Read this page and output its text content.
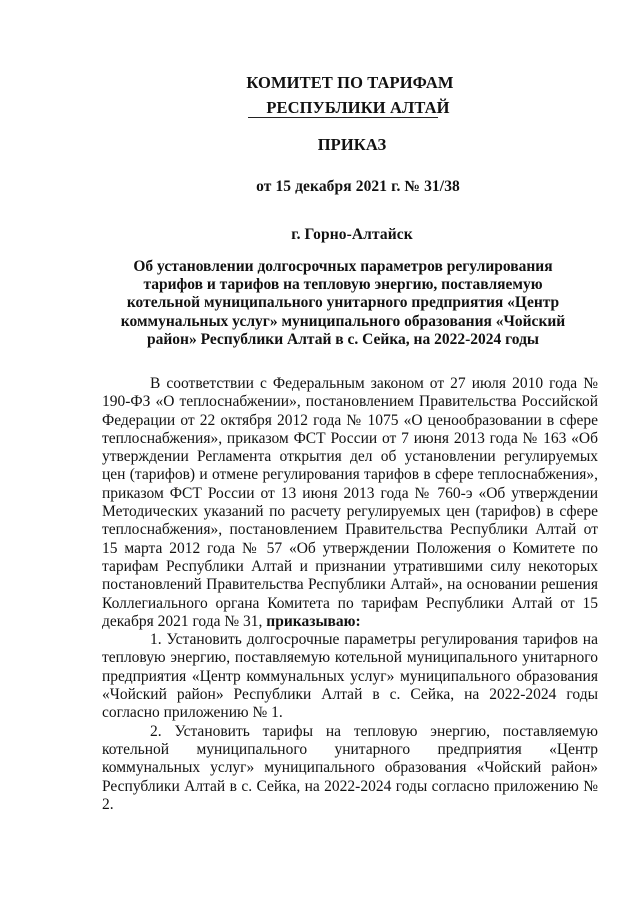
КОМИТЕТ ПО ТАРИФАМ
РЕСПУБЛИКИ АЛТАЙ
ПРИКАЗ
от 15 декабря 2021 г. № 31/38
г. Горно-Алтайск
Об установлении долгосрочных параметров регулирования тарифов и тарифов на тепловую энергию, поставляемую котельной муниципального унитарного предприятия «Центр коммунальных услуг» муниципального образования «Чойский район» Республики Алтай в с. Сейка, на 2022-2024 годы

В соответствии с Федеральным законом от 27 июля 2010 года № 190-ФЗ «О теплоснабжении», постановлением Правительства Российской Федерации от 22 октября 2012 года № 1075 «О ценообразовании в сфере теплоснабжения», приказом ФСТ России от 7 июня 2013 года № 163 «Об утверждении Регламента открытия дел об установлении регулируемых цен (тарифов) и отмене регулирования тарифов в сфере теплоснабжения», приказом ФСТ России от 13 июня 2013 года № 760-э «Об утверждении Методических указаний по расчету регулируемых цен (тарифов) в сфере теплоснабжения», постановлением Правительства Республики Алтай от 15 марта 2012 года № 57 «Об утверждении Положения о Комитете по тарифам Республики Алтай и признании утратившими силу некоторых постановлений Правительства Республики Алтай», на основании решения Коллегиального органа Комитета по тарифам Республики Алтай от 15 декабря 2021 года № 31, приказываю:

1. Установить долгосрочные параметры регулирования тарифов на тепловую энергию, поставляемую котельной муниципального унитарного предприятия «Центр коммунальных услуг» муниципального образования «Чойский район» Республики Алтай в с. Сейка, на 2022-2024 годы согласно приложению № 1.

2. Установить тарифы на тепловую энергию, поставляемую котельной муниципального унитарного предприятия «Центр коммунальных услуг» муниципального образования «Чойский район» Республики Алтай в с. Сейка, на 2022-2024 годы согласно приложению № 2.
